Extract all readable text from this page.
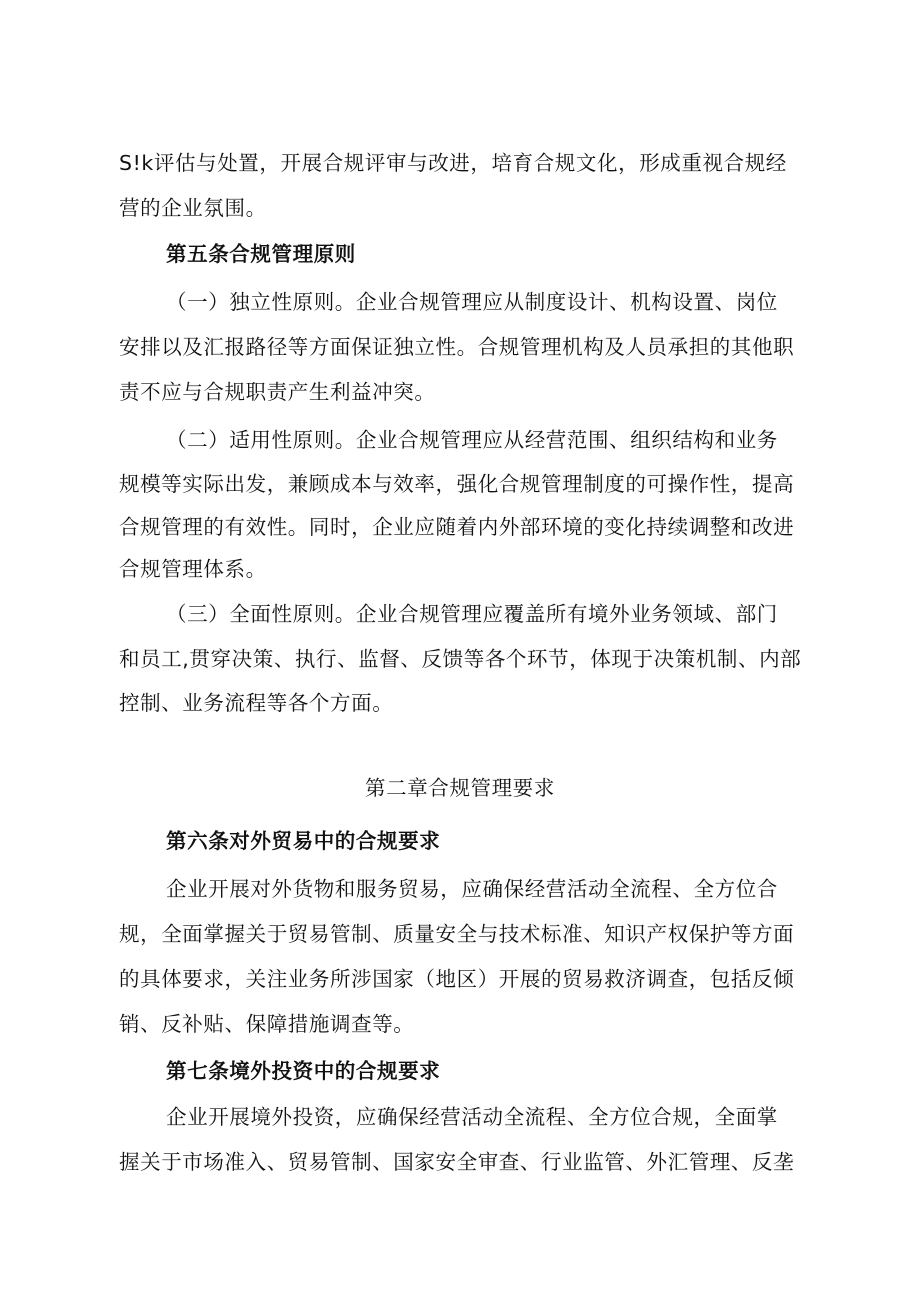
S!k评估与处置，开展合规评审与改进，培育合规文化，形成重视合规经
营的企业氛围。
第五条合规管理原则
（一）独立性原则。企业合规管理应从制度设计、机构设置、岗位
安排以及汇报路径等方面保证独立性。合规管理机构及人员承担的其他职
责不应与合规职责产生利益冲突。
（二）适用性原则。企业合规管理应从经营范围、组织结构和业务
规模等实际出发，兼顾成本与效率，强化合规管理制度的可操作性，提高
合规管理的有效性。同时，企业应随着内外部环境的变化持续调整和改进
合规管理体系。
（三）全面性原则。企业合规管理应覆盖所有境外业务领域、部门
和员工,贯穿决策、执行、监督、反馈等各个环节，体现于决策机制、内部
控制、业务流程等各个方面。
第二章合规管理要求
第六条对外贸易中的合规要求
企业开展对外货物和服务贸易，应确保经营活动全流程、全方位合
规，全面掌握关于贸易管制、质量安全与技术标准、知识产权保护等方面
的具体要求，关注业务所涉国家（地区）开展的贸易救济调查，包括反倾
销、反补贴、保障措施调查等。
第七条境外投资中的合规要求
企业开展境外投资，应确保经营活动全流程、全方位合规，全面掌
握关于市场准入、贸易管制、国家安全审查、行业监管、外汇管理、反垄
